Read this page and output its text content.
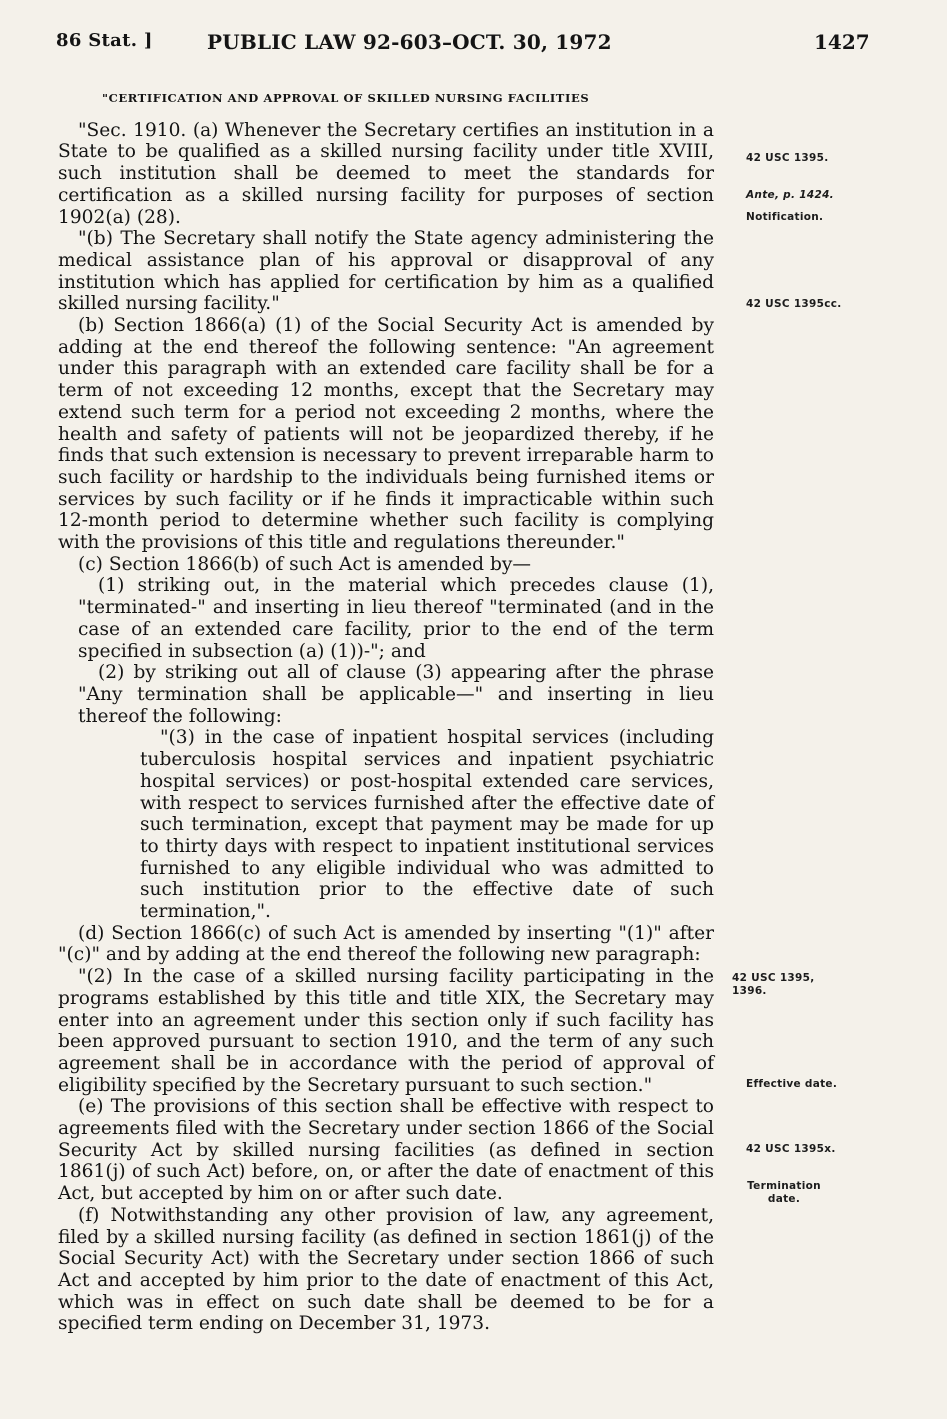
86 Stat. ]	PUBLIC LAW 92-603–OCT. 30, 1972	1427

"CERTIFICATION AND APPROVAL OF SKILLED NURSING FACILITIES

"Sec. 1910. (a) Whenever the Secretary certifies an institution in a State to be qualified as a skilled nursing facility under title XVIII, such institution shall be deemed to meet the standards for certification as a skilled nursing facility for purposes of section 1902(a) (28).

"(b) The Secretary shall notify the State agency administering the medical assistance plan of his approval or disapproval of any institution which has applied for certification by him as a qualified skilled nursing facility."

(b) Section 1866(a) (1) of the Social Security Act is amended by adding at the end thereof the following sentence: "An agreement under this paragraph with an extended care facility shall be for a term of not exceeding 12 months, except that the Secretary may extend such term for a period not exceeding 2 months, where the health and safety of patients will not be jeopardized thereby, if he finds that such extension is necessary to prevent irreparable harm to such facility or hardship to the individuals being furnished items or services by such facility or if he finds it impracticable within such 12-month period to determine whether such facility is complying with the provisions of this title and regulations thereunder."

(c) Section 1866(b) of such Act is amended by—

(1) striking out, in the material which precedes clause (1), "terminated-" and inserting in lieu thereof "terminated (and in the case of an extended care facility, prior to the end of the term specified in subsection (a) (1))-"; and

(2) by striking out all of clause (3) appearing after the phrase "Any termination shall be applicable—" and inserting in lieu thereof the following:

"(3) in the case of inpatient hospital services (including tuberculosis hospital services and inpatient psychiatric hospital services) or post-hospital extended care services, with respect to services furnished after the effective date of such termination, except that payment may be made for up to thirty days with respect to inpatient institutional services furnished to any eligible individual who was admitted to such institution prior to the effective date of such termination,".

(d) Section 1866(c) of such Act is amended by inserting "(1)" after "(c)" and by adding at the end thereof the following new paragraph:

"(2) In the case of a skilled nursing facility participating in the programs established by this title and title XIX, the Secretary may enter into an agreement under this section only if such facility has been approved pursuant to section 1910, and the term of any such agreement shall be in accordance with the period of approval of eligibility specified by the Secretary pursuant to such section."

(e) The provisions of this section shall be effective with respect to agreements filed with the Secretary under section 1866 of the Social Security Act by skilled nursing facilities (as defined in section 1861(j) of such Act) before, on, or after the date of enactment of this Act, but accepted by him on or after such date.

(f) Notwithstanding any other provision of law, any agreement, filed by a skilled nursing facility (as defined in section 1861(j) of the Social Security Act) with the Secretary under section 1866 of such Act and accepted by him prior to the date of enactment of this Act, which was in effect on such date shall be deemed to be for a specified term ending on December 31, 1973.

42 USC 1395.
Ante, p. 1424.
Notification.
42 USC 1395cc.
42 USC 1395, 1396.
Effective date.
42 USC 1395x.
Termination date.
